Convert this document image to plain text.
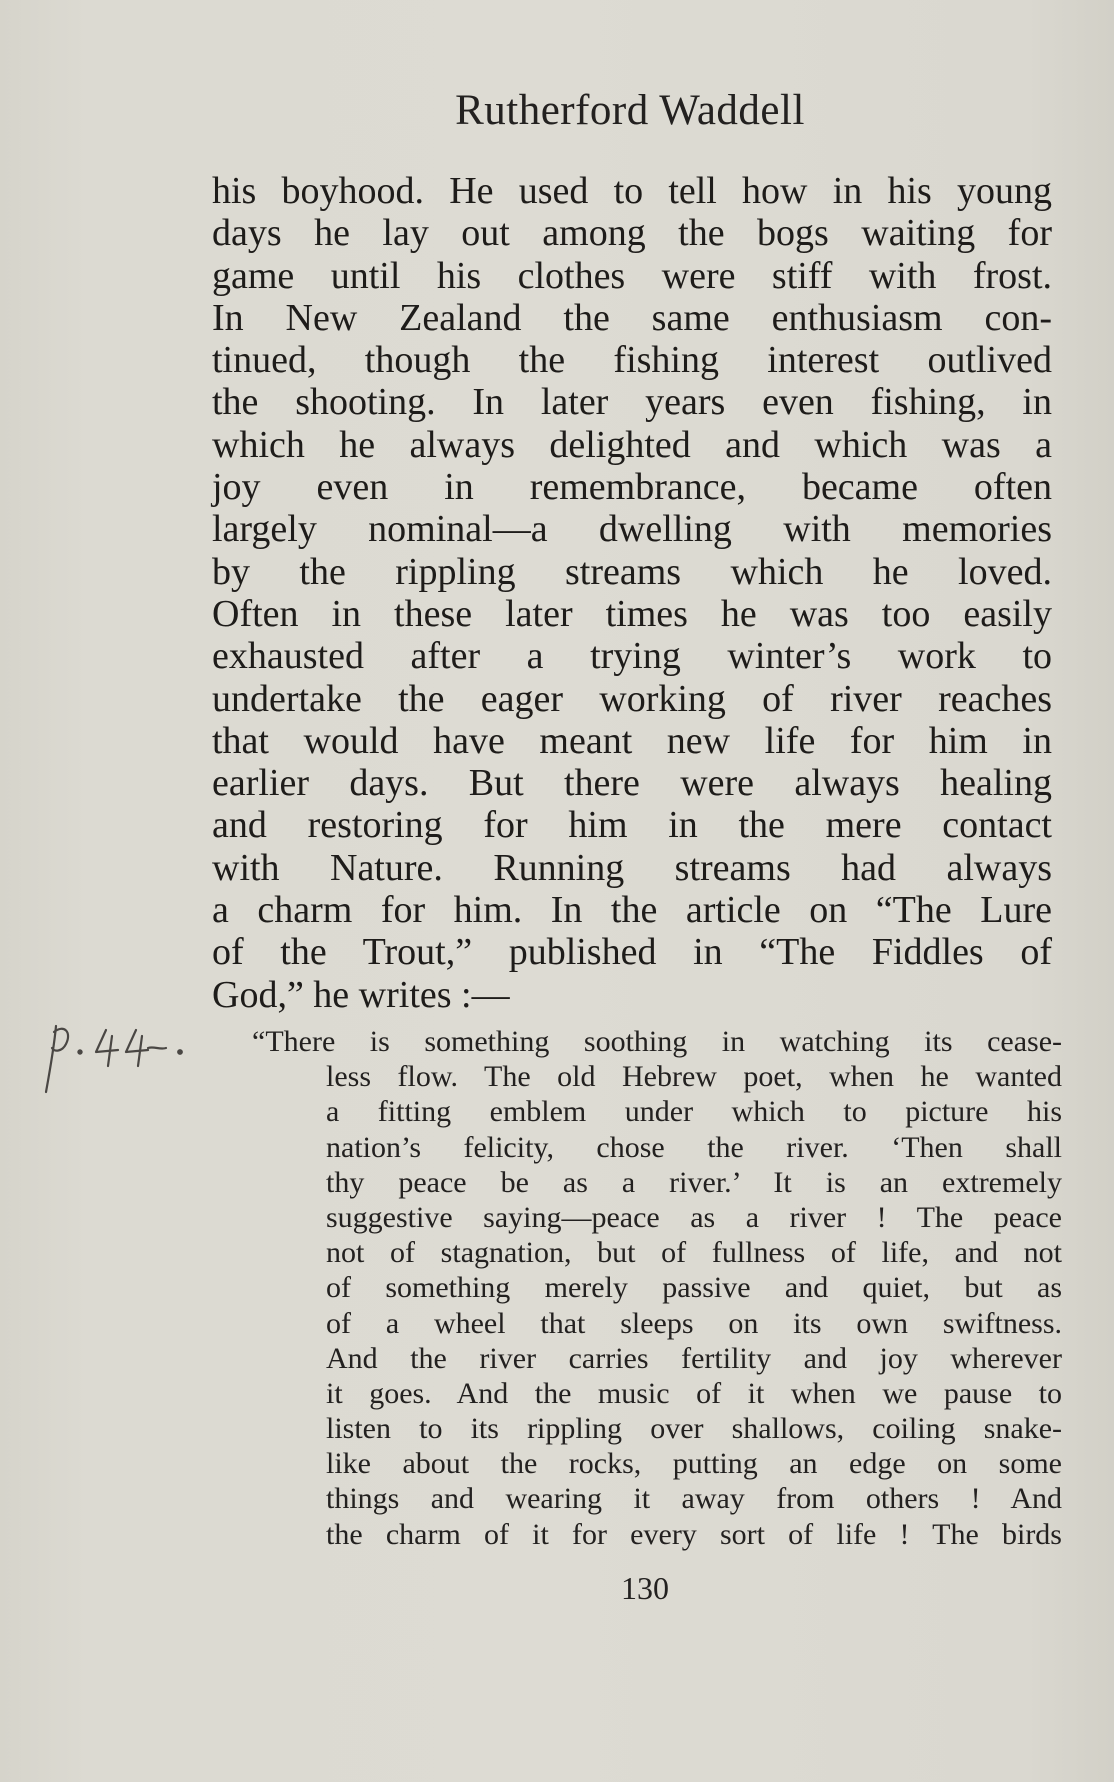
Rutherford Waddell
his boyhood. He used to tell how in his young
days he lay out among the bogs waiting for
game until his clothes were stiff with frost.
In New Zealand the same enthusiasm con-
tinued, though the fishing interest outlived
the shooting. In later years even fishing, in
which he always delighted and which was a
joy even in remembrance, became often
largely nominal—a dwelling with memories
by the rippling streams which he loved.
Often in these later times he was too easily
exhausted after a trying winter’s work to
undertake the eager working of river reaches
that would have meant new life for him in
earlier days. But there were always healing
and restoring for him in the mere contact
with Nature. Running streams had always
a charm for him. In the article on “The Lure
of the Trout,” published in “The Fiddles of
God,” he writes :—
“There is something soothing in watching its cease-
less flow. The old Hebrew poet, when he wanted
a fitting emblem under which to picture his
nation’s felicity, chose the river. ‘Then shall
thy peace be as a river.’ It is an extremely
suggestive saying—peace as a river ! The peace
not of stagnation, but of fullness of life, and not
of something merely passive and quiet, but as
of a wheel that sleeps on its own swiftness.
And the river carries fertility and joy wherever
it goes. And the music of it when we pause to
listen to its rippling over shallows, coiling snake-
like about the rocks, putting an edge on some
things and wearing it away from others ! And
the charm of it for every sort of life ! The birds
130
